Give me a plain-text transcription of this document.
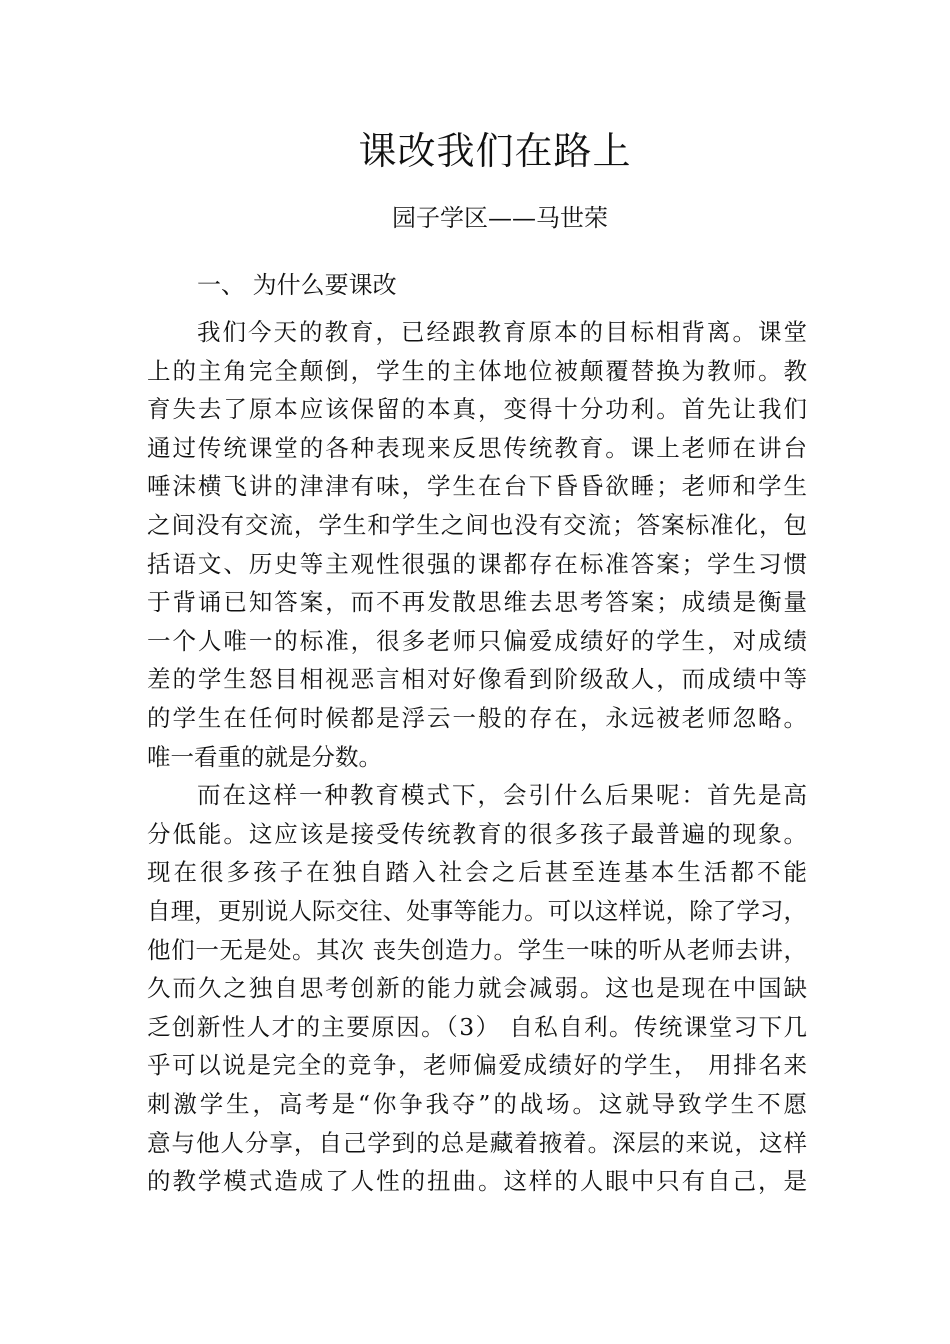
课改我们在路上
园子学区——马世荣
一、 为什么要课改
我们今天的教育，已经跟教育原本的目标相背离。课堂
上的主角完全颠倒，学生的主体地位被颠覆替换为教师。教
育失去了原本应该保留的本真，变得十分功利。首先让我们
通过传统课堂的各种表现来反思传统教育。课上老师在讲台
唾沫横飞讲的津津有味，学生在台下昏昏欲睡；老师和学生
之间没有交流，学生和学生之间也没有交流；答案标准化，包
括语文、历史等主观性很强的课都存在标准答案；学生习惯
于背诵已知答案，而不再发散思维去思考答案；成绩是衡量
一个人唯一的标准，很多老师只偏爱成绩好的学生，对成绩
差的学生怒目相视恶言相对好像看到阶级敌人，而成绩中等
的学生在任何时候都是浮云一般的存在，永远被老师忽略。
唯一看重的就是分数。
而在这样一种教育模式下，会引什么后果呢：首先是高
分低能。这应该是接受传统教育的很多孩子最普遍的现象。
现在很多孩子在独自踏入社会之后甚至连基本生活都不能
自理，更别说人际交往、处事等能力。可以这样说，除了学习，
他们一无是处。其次 丧失创造力。学生一味的听从老师去讲，
久而久之独自思考创新的能力就会减弱。这也是现在中国缺
乏创新性人才的主要原因。（3） 自私自利。传统课堂习下几
乎可以说是完全的竞争，老师偏爱成绩好的学生， 用排名来
刺激学生，高考是“你争我夺”的战场。这就导致学生不愿
意与他人分享，自己学到的总是藏着掖着。深层的来说，这样
的教学模式造成了人性的扭曲。这样的人眼中只有自己，是
